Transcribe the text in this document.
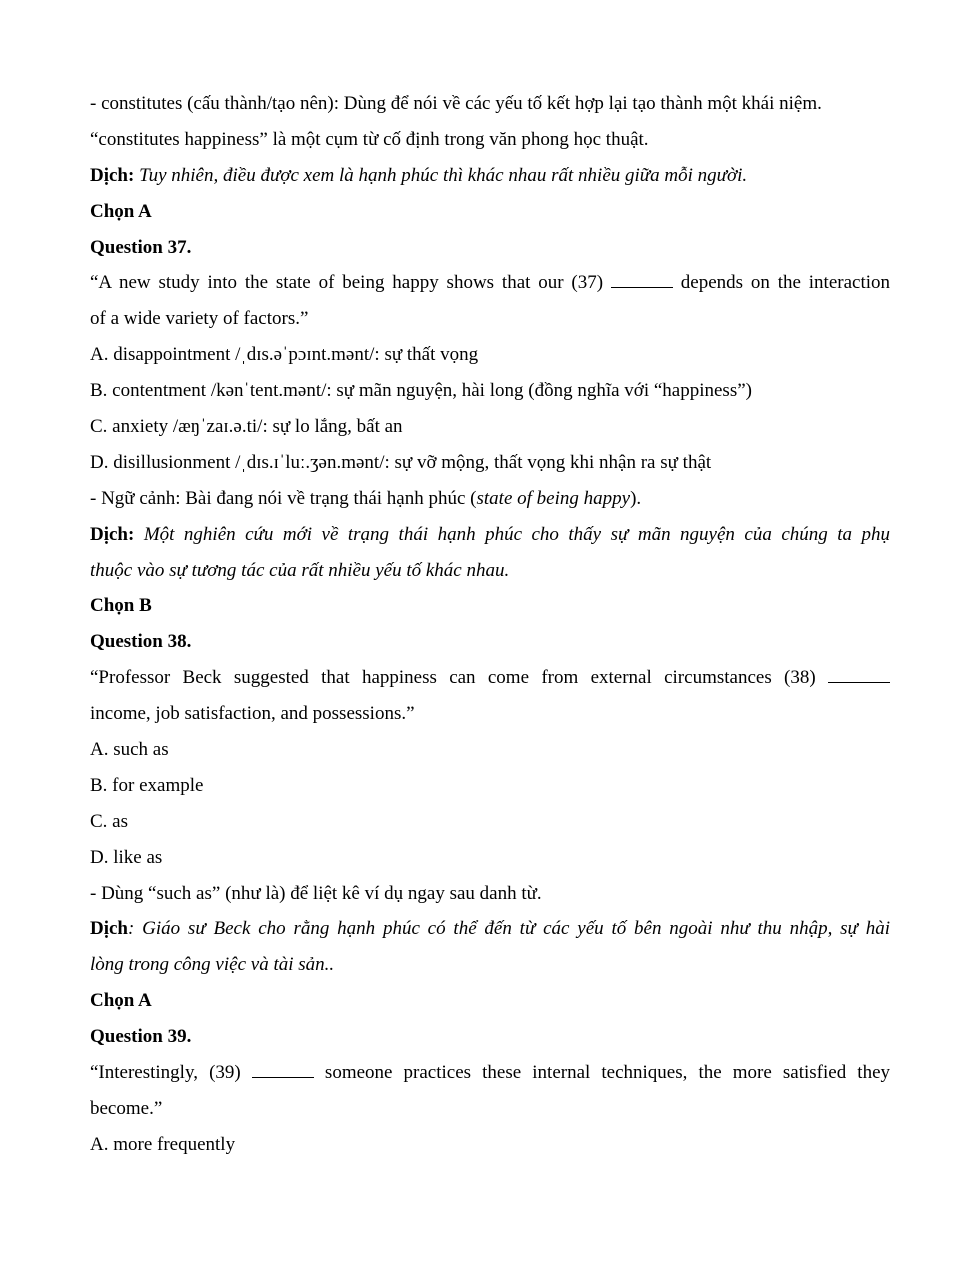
- constitutes (cấu thành/tạo nên): Dùng để nói về các yếu tố kết hợp lại tạo thành một khái niệm.
“constitutes happiness” là một cụm từ cố định trong văn phong học thuật.
Dịch: Tuy nhiên, điều được xem là hạnh phúc thì khác nhau rất nhiều giữa mỗi người.
Chọn A
Question 37.
“A new study into the state of being happy shows that our (37)	depends on the interaction
of a wide variety of factors.”
A. disappointment /ˌdɪs.əˈpɔɪnt.mənt/: sự thất vọng
B. contentment /kənˈtent.mənt/: sự mãn nguyện, hài long (đồng nghĩa với “happiness”)
C. anxiety /æŋˈzaɪ.ə.ti/: sự lo lắng, bất an
D. disillusionment /ˌdɪs.ɪˈluː.ʒən.mənt/: sự vỡ mộng, thất vọng khi nhận ra sự thật
- Ngữ cảnh: Bài đang nói về trạng thái hạnh phúc (state of being happy).
Dịch: Một nghiên cứu mới về trạng thái hạnh phúc cho thấy sự mãn nguyện của chúng ta phụ
thuộc vào sự tương tác của rất nhiều yếu tố khác nhau.
Chọn B
Question 38.
“Professor Beck suggested that happiness can come from external circumstances (38)
income, job satisfaction, and possessions.”
A. such as
B. for example
C. as
D. like as
- Dùng “such as” (như là) để liệt kê ví dụ ngay sau danh từ.
Dịch: Giáo sư Beck cho rằng hạnh phúc có thể đến từ các yếu tố bên ngoài như thu nhập, sự hài
lòng trong công việc và tài sản..
Chọn A
Question 39.
“Interestingly, (39)	someone practices these internal techniques, the more satisfied they
become.”
A. more frequently
